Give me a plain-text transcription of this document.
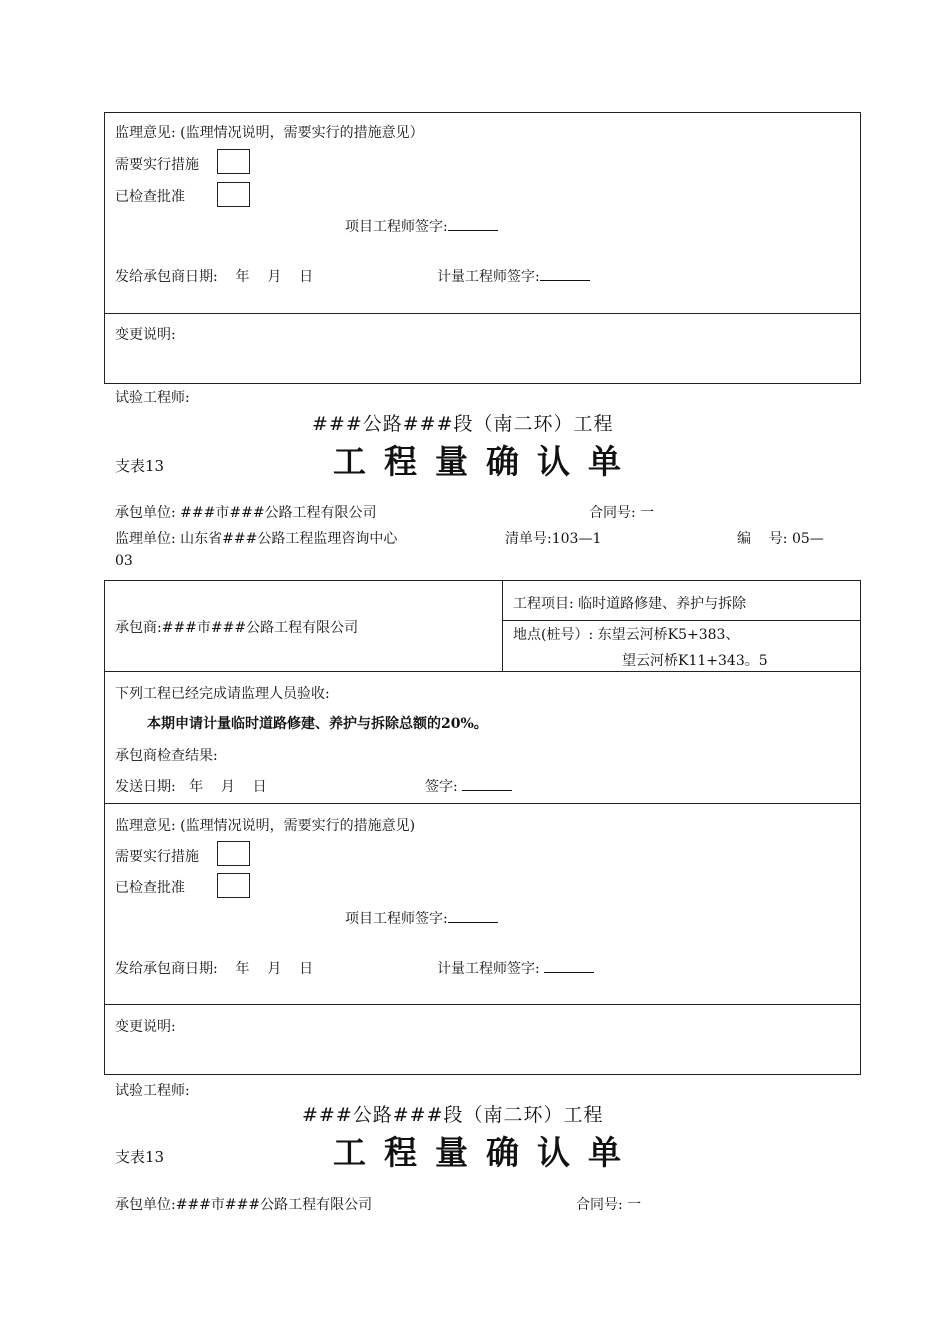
监理意见: (监理情况说明，需要实行的措施意见）
需要实行措施
已检查批准
项目工程师签字:
发给承包商日期:    年    月    日	计量工程师签字:
变更说明:
试验工程师:
###公路###段（南二环）工程
支表13	工程量确认单
承包单位: ###市###公路工程有限公司	合同号: 一
监理单位: 山东省###公路工程监理咨询中心	清单号:103—1	编    号: 05—
03
承包商:###市###公路工程有限公司
工程项目: 临时道路修建、养护与拆除
地点(桩号）: 东望云河桥K5+383、
望云河桥K11+343。5
下列工程已经完成请监理人员验收:
本期申请计量临时道路修建、养护与拆除总额的20%。
承包商检查结果:
发送日期:   年    月    日	签字:
监理意见: (监理情况说明，需要实行的措施意见)
需要实行措施
已检查批准
项目工程师签字:
发给承包商日期:    年    月    日	计量工程师签字:
变更说明:
试验工程师:
###公路###段（南二环）工程
支表13	工程量确认单
承包单位:###市###公路工程有限公司	合同号: 一
